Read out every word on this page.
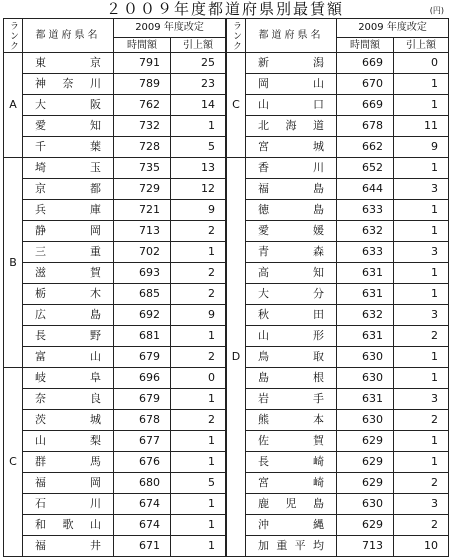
２００９年度都道府県別最賃額	(円)
ランク	都道府県名	2009 年度改定	
		時間額	引上額
A	東京	791	25
	神奈川	789	23
	大阪	762	14
	愛知	732	1
	千葉	728	5
B	埼玉	735	13
	京都	729	12
	兵庫	721	9
	静岡	713	2
	三重	702	1
	滋賀	693	2
	栃木	685	2
	広島	692	9
	長野	681	1
	富山	679	2
C	岐阜	696	0
	奈良	679	1
	茨城	678	2
	山梨	677	1
	群馬	676	1
	福岡	680	5
	石川	674	1
	和歌山	674	1
	福井	671	1
ランク	都道府県名	2009 年度改定	
		時間額	引上額
C	新潟	669	0
	岡山	670	1
	山口	669	1
	北海道	678	11
	宮城	662	9
D	香川	652	1
	福島	644	3
	徳島	633	1
	愛媛	632	1
	青森	633	3
	高知	631	1
	大分	631	1
	秋田	632	3
	山形	631	2
	鳥取	630	1
	島根	630	1
	岩手	631	3
	熊本	630	2
	佐賀	629	1
	長崎	629	1
	宮崎	629	2
	鹿児島	630	3
	沖縄	629	2
	加重平均	713	10
